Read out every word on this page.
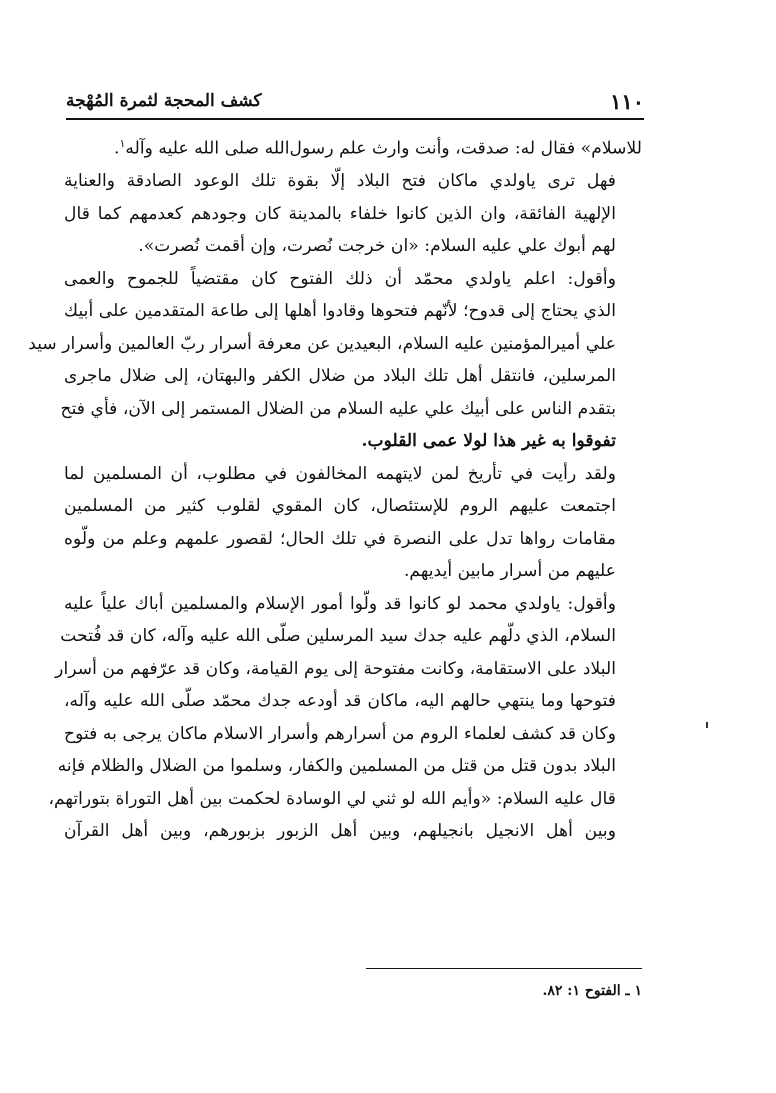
١١٠
كشف المحجة لثمرة المُهْجة

للاسلام» فقال له: صدقت، وأنت وارث علم رسول‌الله صلى الله عليه وآله$^١$.

فهل ترى ياولدي ماكان فتح البلاد إلّا بقوة تلك الوعود الصادقة والعناية
الإلهية الفائقة، وان الذين كانوا خلفاء بالمدينة كان وجودهم كعدمهم كما قال
لهم أبوك علي عليه السلام: «ان خرجت نُصرت، وإن أقمت نُصرت».

وأقول: اعلم ياولدي محمّد أن ذلك الفتوح كان مقتضياً للجموح والعمى
الذي يحتاج إلى قدوح؛ لأنّهم فتحوها وقادوا أهلها إلى طاعة المتقدمين على أبيك
علي أميرالمؤمنين عليه السلام، البعيدين عن معرفة أسرار ربّ العالمين وأسرار سيد
المرسلين، فانتقل أهل تلك البلاد من ضلال الكفر والبهتان، إلى ضلال ماجرى
بتقدم الناس على أبيك علي عليه السلام من الضلال المستمر إلى الآن، فأي فتح
تفوقوا به غير هذا لولا عمى القلوب.

ولقد رأيت في تأريخ لمن لايتهمه المخالفون في مطلوب، أن المسلمين لما
اجتمعت عليهم الروم للإستئصال، كان المقوي لقلوب كثير من المسلمين
مقامات رواها تدل على النصرة في تلك الحال؛ لقصور علمهم وعلم من ولّوه
عليهم من أسرار مابين أيديهم.

وأقول: ياولدي محمد لو كانوا قد ولّوا أمور الإسلام والمسلمين أباك علياً عليه
السلام، الذي دلّهم عليه جدك سيد المرسلين صلّى الله عليه وآله، كان قد فُتحت
البلاد على الاستقامة، وكانت مفتوحة إلى يوم القيامة، وكان قد عرّفهم من أسرار
فتوحها وما ينتهي حالهم اليه، ماكان قد أودعه جدك محمّد صلّى الله عليه وآله،
وكان قد كشف لعلماء الروم من أسرارهم وأسرار الاسلام ماكان يرجى به فتوح
البلاد بدون قتل من قتل من المسلمين والكفار، وسلموا من الضلال والظلام فإنه
قال عليه السلام: «وأيم الله لو ثني لي الوسادة لحكمت بين أهل التوراة بتوراتهم،
وبين أهل الانجيل بانجيلهم، وبين أهل الزبور بزبورهم، وبين أهل القرآن

١ ـ الفتوح ١: ٨٢.
